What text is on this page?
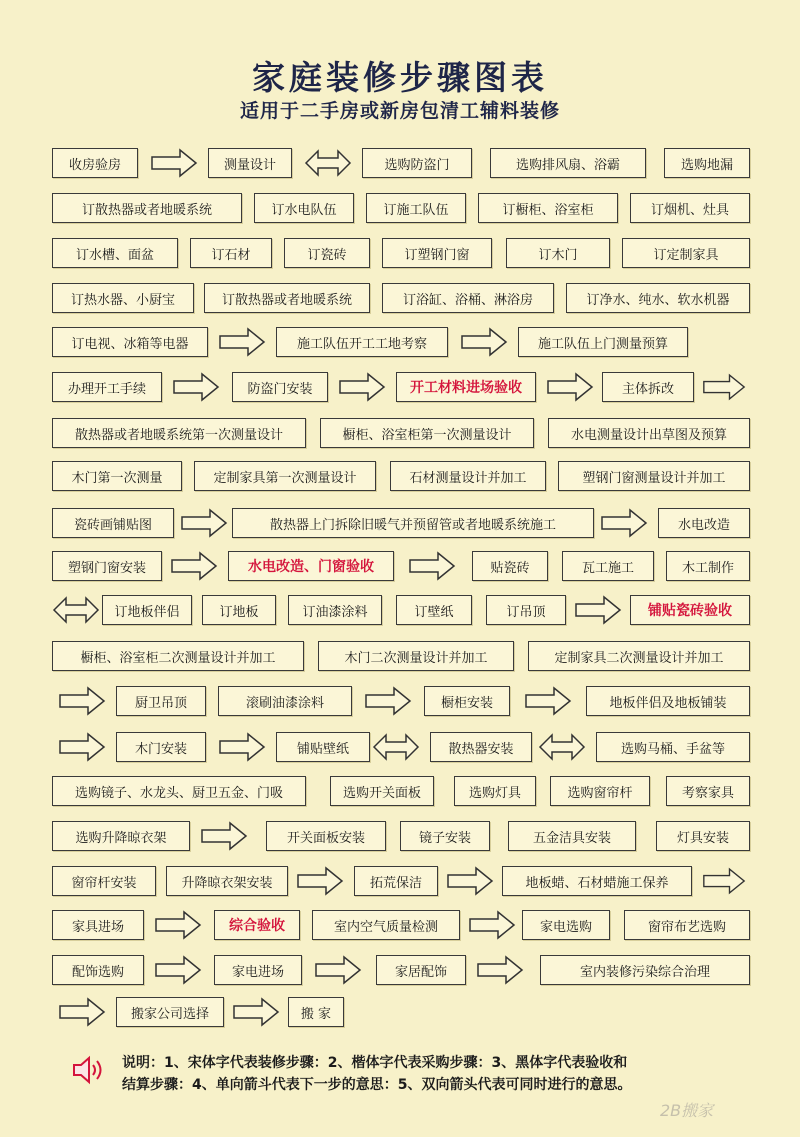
家庭装修步骤图表
适用于二手房或新房包清工辅料装修
收房验房	测量设计	选购防盗门	选购排风扇、浴霸	选购地漏
订散热器或者地暖系统	订水电队伍	订施工队伍	订橱柜、浴室柜	订烟机、灶具
订水槽、面盆	订石材	订瓷砖	订塑钢门窗	订木门	订定制家具
订热水器、小厨宝	订散热器或者地暖系统	订浴缸、浴桶、淋浴房	订净水、纯水、软水机器
订电视、冰箱等电器	施工队伍开工工地考察	施工队伍上门测量预算
办理开工手续	防盗门安装	开工材料进场验收	主体拆改
散热器或者地暖系统第一次测量设计	橱柜、浴室柜第一次测量设计	水电测量设计出草图及预算
木门第一次测量	定制家具第一次测量设计	石材测量设计并加工	塑钢门窗测量设计并加工
瓷砖画铺贴图	散热器上门拆除旧暖气并预留管或者地暖系统施工	水电改造
塑钢门窗安装	水电改造、门窗验收	贴瓷砖	瓦工施工	木工制作
订地板伴侣	订地板	订油漆涂料	订壁纸	订吊顶	铺贴瓷砖验收
橱柜、浴室柜二次测量设计并加工	木门二次测量设计并加工	定制家具二次测量设计并加工
厨卫吊顶	滚刷油漆涂料	橱柜安装	地板伴侣及地板铺装
木门安装	铺贴壁纸	散热器安装	选购马桶、手盆等
选购镜子、水龙头、厨卫五金、门吸	选购开关面板	选购灯具	选购窗帘杆	考察家具
选购升降晾衣架	开关面板安装	镜子安装	五金洁具安装	灯具安装
窗帘杆安装	升降晾衣架安装	拓荒保洁	地板蜡、石材蜡施工保养
家具进场	综合验收	室内空气质量检测	家电选购	窗帘布艺选购
配饰选购	家电进场	家居配饰	室内装修污染综合治理
搬家公司选择	搬 家
说明：1、宋体字代表装修步骤：2、楷体字代表采购步骤：3、黑体字代表验收和
结算步骤：4、单向箭斗代表下一步的意思：5、双向箭头代表可同时进行的意思。
2B搬家
